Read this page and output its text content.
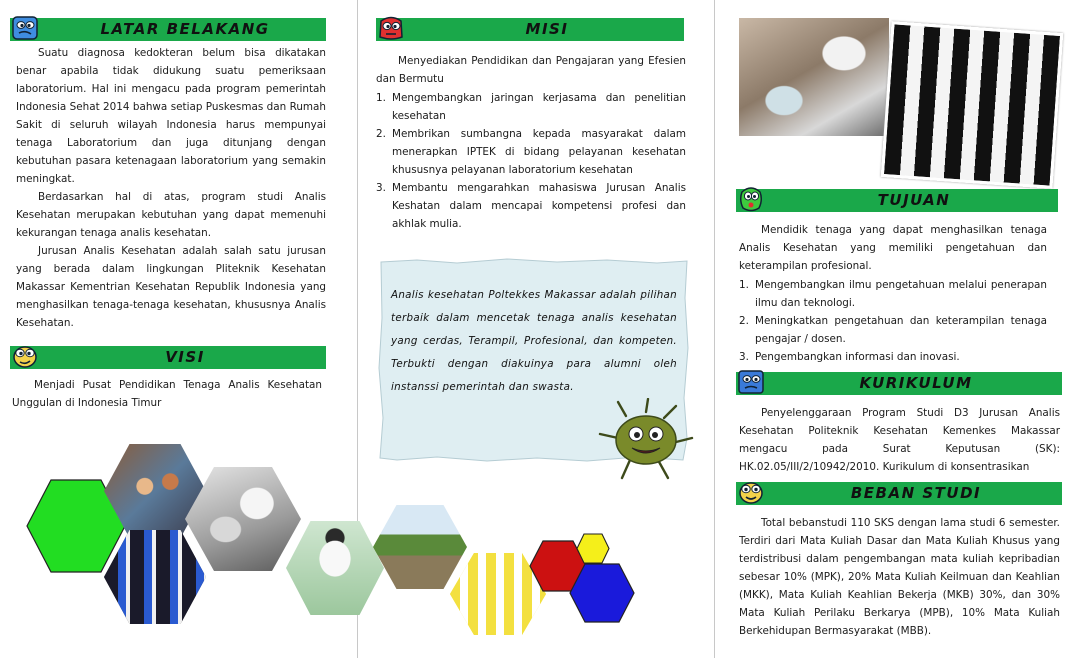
LATAR BELAKANG

Suatu diagnosa kedokteran belum bisa dikatakan benar apabila tidak didukung suatu pemeriksaan laboratorium. Hal ini mengacu pada program pemerintah Indonesia Sehat 2014 bahwa setiap Puskesmas dan Rumah Sakit di seluruh wilayah Indonesia harus mempunyai tenaga Laboratorium dan juga ditunjang dengan kebutuhan pasara ketenagaan laboratorium yang semakin meningkat.

Berdasarkan hal di atas, program studi Analis Kesehatan merupakan kebutuhan yang dapat memenuhi kekurangan tenaga analis kesehatan.

Jurusan Analis Kesehatan adalah salah satu jurusan yang berada dalam lingkungan Pliteknik Kesehatan Makassar Kementrian Kesehatan Republik Indonesia yang menghasilkan tenaga-tenaga kesehatan, khususnya Analis Kesehatan.

VISI

Menjadi Pusat Pendidikan Tenaga Analis Kesehatan Unggulan di Indonesia Timur

MISI

Menyediakan Pendidikan dan Pengajaran yang Efesien dan Bermutu

1. Mengembangkan jaringan kerjasama dan penelitian kesehatan
2. Membrikan sumbangna kepada masyarakat dalam menerapkan IPTEK di bidang pelayanan kesehatan khususnya pelayanan laboratorium kesehatan
3. Membantu mengarahkan mahasiswa Jurusan Analis Keshatan dalam mencapai kompetensi profesi dan akhlak mulia.
Analis kesehatan Poltekkes Makassar adalah pilihan terbaik dalam mencetak tenaga analis kesehatan yang cerdas, Terampil, Profesional, dan kompeten. Terbukti dengan diakuinya para alumni oleh instanssi pemerintah dan swasta.
TUJUAN

Mendidik tenaga yang dapat menghasilkan tenaga Analis Kesehatan yang memiliki pengetahuan dan keterampilan profesional.

1. Mengembangkan ilmu pengetahuan melalui penerapan ilmu dan teknologi.
2. Meningkatkan pengetahuan dan keterampilan tenaga pengajar / dosen.
3. Pengembangkan informasi dan inovasi.
KURIKULUM

Penyelenggaraan Program Studi D3 Jurusan Analis Kesehatan Politeknik Kesehatan Kemenkes Makassar mengacu pada Surat Keputusan (SK): HK.02.05/III/2/10942/2010. Kurikulum di konsentrasikan

BEBAN STUDI

Total bebanstudi 110 SKS dengan lama studi 6 semester. Terdiri dari Mata Kuliah Dasar dan Mata Kuliah Khusus yang terdistribusi dalam pengembangan mata kuliah kepribadian sebesar 10% (MPK), 20% Mata Kuliah Keilmuan dan Keahlian (MKK), Mata Kuliah Keahlian Bekerja (MKB) 30%, dan 30% Mata Kuliah Perilaku Berkarya (MPB), 10% Mata Kuliah Berkehidupan Bermasyarakat (MBB).
